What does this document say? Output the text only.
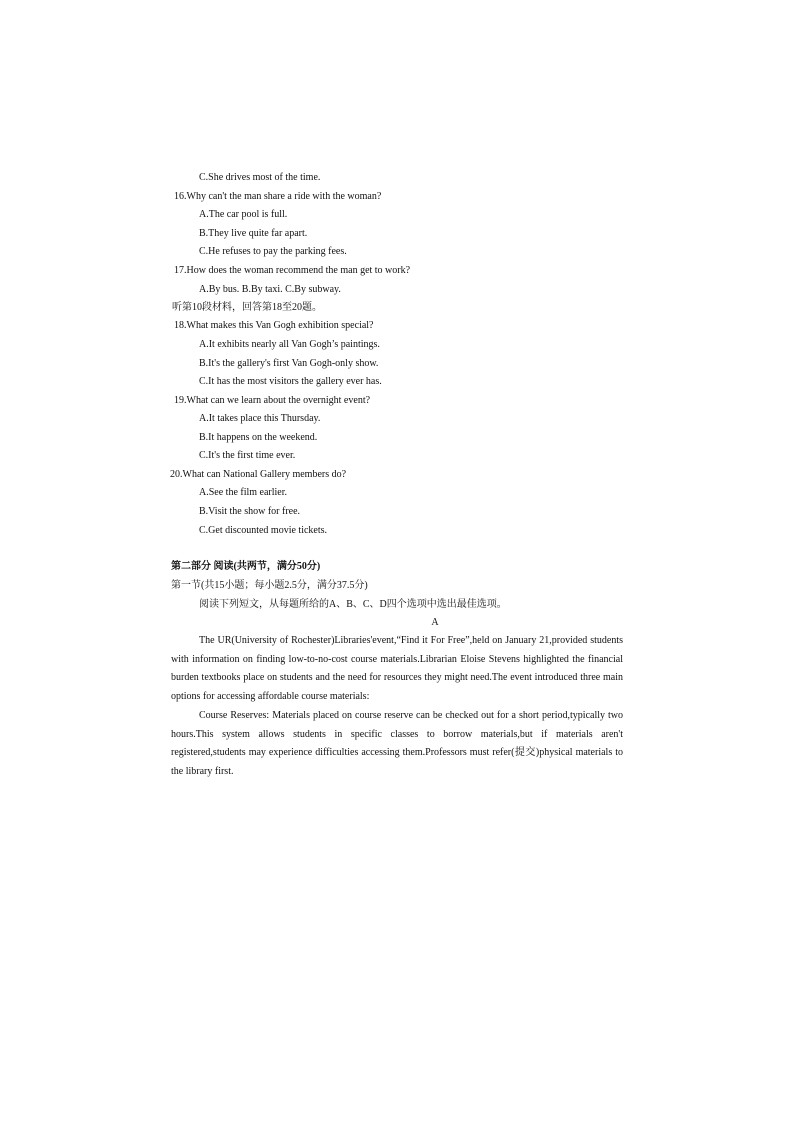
C.She drives most of the time.
16.Why can't the man share a ride with the woman?
A.The car pool is full.
B.They live quite far apart.
C.He refuses to pay the parking fees.
17.How does the woman recommend the man get to work?
A.By bus. B.By taxi. C.By subway.
听第10段材料，回答第18至20题。
18.What makes this Van Gogh exhibition special?
A.It exhibits nearly all Van Gogh’s paintings.
B.It's the gallery's first Van Gogh-only show.
C.It has the most visitors the gallery ever has.
19.What can we learn about the overnight event?
A.It takes place this Thursday.
B.It happens on the weekend.
C.It's the first time ever.
20.What can National Gallery members do?
A.See the film earlier.
B.Visit the show for free.
C.Get discounted movie tickets.
第二部分 阅读(共两节，满分50分)
第一节(共15小题；每小题2.5分，满分37.5分)
阅读下列短文，从每题所给的A、B、C、D四个选项中选出最佳选项。
A

The UR(University of Rochester)Libraries'event,“Find it For Free”,held on January 21,provided students with information on finding low-to-no-cost course materials.Librarian Eloise Stevens highlighted the financial burden textbooks place on students and the need for resources they might need.The event introduced three main options for accessing affordable course materials:

Course Reserves: Materials placed on course reserve can be checked out for a short period,typically two hours.This system allows students in specific classes to borrow materials,but if materials aren't registered,students may experience difficulties accessing them.Professors must refer(提交)physical materials to the library first.
